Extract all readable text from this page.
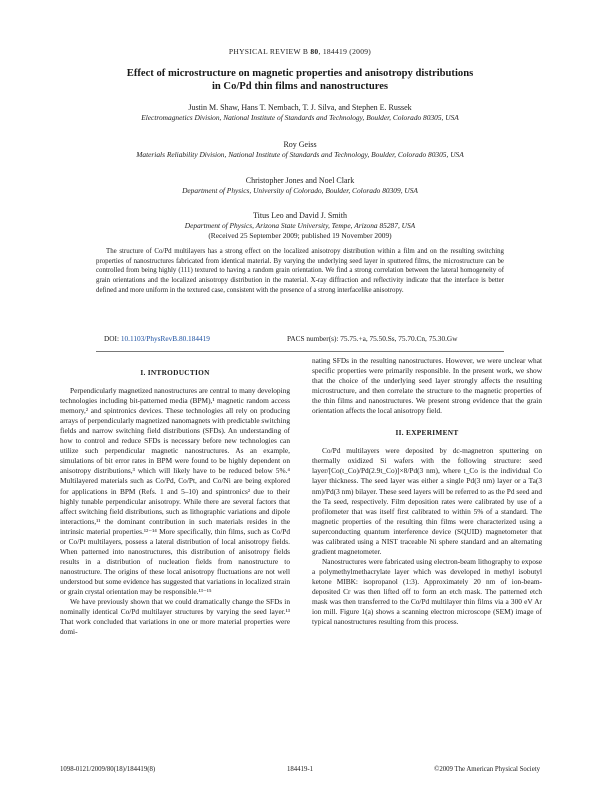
PHYSICAL REVIEW B 80, 184419 (2009)
Effect of microstructure on magnetic properties and anisotropy distributions
in Co/Pd thin films and nanostructures
Justin M. Shaw, Hans T. Nembach, T. J. Silva, and Stephen E. Russek
Electromagnetics Division, National Institute of Standards and Technology, Boulder, Colorado 80305, USA
Roy Geiss
Materials Reliability Division, National Institute of Standards and Technology, Boulder, Colorado 80305, USA
Christopher Jones and Noel Clark
Department of Physics, University of Colorado, Boulder, Colorado 80309, USA
Titus Leo and David J. Smith
Department of Physics, Arizona State University, Tempe, Arizona 85287, USA
(Received 25 September 2009; published 19 November 2009)
The structure of Co/Pd multilayers has a strong effect on the localized anisotropy distribution within a film and on the resulting switching properties of nanostructures fabricated from identical material. By varying the underlying seed layer in sputtered films, the microstructure can be controlled from being highly (111) textured to having a random grain orientation. We find a strong correlation between the lateral homogeneity of grain orientations and the localized anisotropy distribution in the material. X-ray diffraction and reflectivity indicate that the interface is better defined and more uniform in the textured case, consistent with the presence of a strong interfacelike anisotropy.
DOI: 10.1103/PhysRevB.80.184419	PACS number(s): 75.75.+a, 75.50.Ss, 75.70.Cn, 75.30.Gw
I. INTRODUCTION

Perpendicularly magnetized nanostructures are central to many developing technologies including bit-patterned media (BPM),¹ magnetic random access memory,² and spintronics devices. These technologies all rely on producing arrays of perpendicularly magnetized nanomagnets with predictable switching fields and narrow switching field distributions (SFDs). An understanding of how to control and reduce SFDs is necessary before new technologies can utilize such perpendicular magnetic nanostructures. As an example, simulations of bit error rates in BPM were found to be highly dependent on anisotropy distributions,³ which will likely have to be reduced below 5%.⁴ Multilayered materials such as Co/Pd, Co/Pt, and Co/Ni are being explored for applications in BPM (Refs. 1 and 5–10) and spintronics² due to their highly tunable perpendicular anisotropy. While there are several factors that affect switching field distributions, such as lithographic variations and dipole interactions,¹¹ the dominant contribution in such materials resides in the intrinsic material properties.¹²⁻¹⁴ More specifically, thin films, such as Co/Pd or Co/Pt multilayers, possess a lateral distribution of local anisotropy fields. When patterned into nanostructures, this distribution of anisotropy fields results in a distribution of nucleation fields from nanostructure to nanostructure. The origins of these local anisotropy fluctuations are not well understood but some evidence has suggested that variations in localized strain or grain crystal orientation may be responsible.¹³⁻¹⁵

We have previously shown that we could dramatically change the SFDs in nominally identical Co/Pd multilayer structures by varying the seed layer.¹³ That work concluded that variations in one or more material properties were domi-

nating SFDs in the resulting nanostructures. However, we were unclear what specific properties were primarily responsible. In the present work, we show that the choice of the underlying seed layer strongly affects the resulting microstructure, and then correlate the structure to the magnetic properties of the thin films and nanostructures. We present strong evidence that the grain orientation affects the local anisotropy field.

II. EXPERIMENT

Co/Pd multilayers were deposited by dc-magnetron sputtering on thermally oxidized Si wafers with the following structure: seed layer/[Co(t_Co)/Pd(2.9t_Co)]×8/Pd(3 nm), where t_Co is the individual Co layer thickness. The seed layer was either a single Pd(3 nm) layer or a Ta(3 nm)/Pd(3 nm) bilayer. These seed layers will be referred to as the Pd seed and the Ta seed, respectively. Film deposition rates were calibrated by use of a profilometer that was itself first calibrated to within 5% of a standard. The magnetic properties of the resulting thin films were characterized using a superconducting quantum interference device (SQUID) magnetometer that was calibrated using a NIST traceable Ni sphere standard and an alternating gradient magnetometer.

Nanostructures were fabricated using electron-beam lithography to expose a polymethylmethacrylate layer which was developed in methyl isobutyl ketone MIBK: isopropanol (1:3). Approximately 20 nm of ion-beam-deposited Cr was then lifted off to form an etch mask. The patterned etch mask was then transferred to the Co/Pd multilayer thin films via a 300 eV Ar ion mill. Figure 1(a) shows a scanning electron microscope (SEM) image of typical nanostructures resulting from this process.

1098-0121/2009/80(18)/184419(8)	184419-1	©2009 The American Physical Society
